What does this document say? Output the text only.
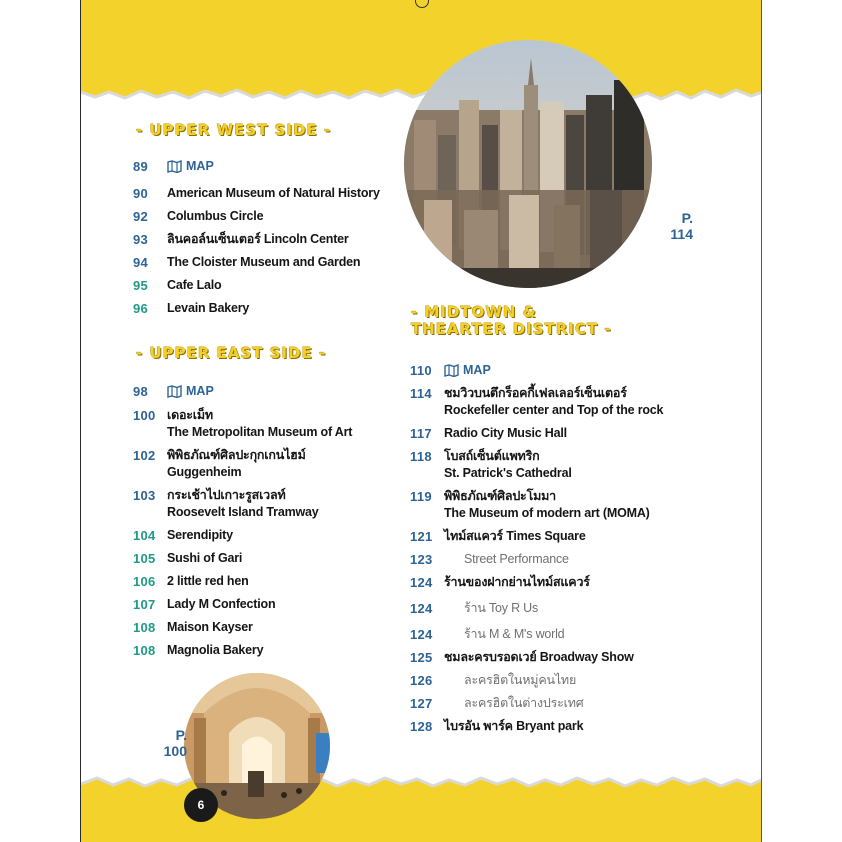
P.
114
P.
100
- UPPER WEST SIDE -
89	MAP
90	American Museum of Natural History
92	Columbus Circle
93	ลินคอล์นเซ็นเตอร์ Lincoln Center
94	The Cloister Museum and Garden
95	Cafe Lalo
96	Levain Bakery
- UPPER EAST SIDE -
98	MAP
100 เดอะเม็ท
The Metropolitan Museum of Art
102 พิพิธภัณฑ์ศิลปะกุกเกนไฮม์
Guggenheim
103 กระเช้าไปเกาะรูสเวลท์
Roosevelt Island Tramway
104 Serendipity
105 Sushi of Gari
106 2 little red hen
107 Lady M Confection
108 Maison Kayser
108 Magnolia Bakery
- MIDTOWN &
THEARTER DISTRICT -
110	MAP
114 ชมวิวบนตึกร็อคกี้เฟลเลอร์เซ็นเตอร์
Rockefeller center and Top of the rock
117 Radio City Music Hall
118 โบสถ์เซ็นต์แพทริก
St. Patrick's Cathedral
119 พิพิธภัณฑ์ศิลปะโมมา
The Museum of modern art (MOMA)
121 ไทม์สแควร์ Times Square
123	Street Performance
124 ร้านของฝากย่านไทม์สแควร์
124	ร้าน Toy R Us
124	ร้าน M & M's world
125 ชมละครบรอดเวย์ Broadway Show
126	ละครฮิตในหมู่คนไทย
127	ละครฮิตในต่างประเทศ
128 ไบรอัน พาร์ค Bryant park
6
